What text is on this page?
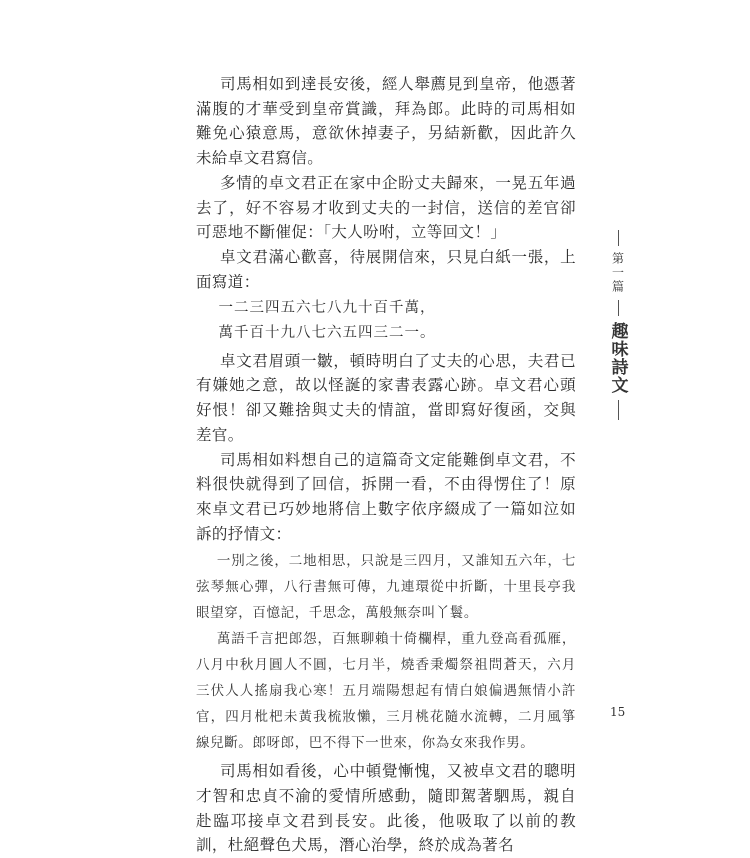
司馬相如到達長安後，經人舉薦見到皇帝，他憑著滿腹的才華受到皇帝賞識，拜為郎。此時的司馬相如難免心猿意馬，意欲休掉妻子，另結新歡，因此許久未給卓文君寫信。

多情的卓文君正在家中企盼丈夫歸來，一晃五年過去了，好不容易才收到丈夫的一封信，送信的差官卻可惡地不斷催促：「大人吩咐，立等回文！」

卓文君滿心歡喜，待展開信來，只見白紙一張，上面寫道：

一二三四五六七八九十百千萬，

萬千百十九八七六五四三二一。

卓文君眉頭一皺，頓時明白了丈夫的心思，夫君已有嫌她之意，故以怪誕的家書表露心跡。卓文君心頭好恨！卻又難捨與丈夫的情誼，當即寫好復函，交與差官。

司馬相如料想自己的這篇奇文定能難倒卓文君，不料很快就得到了回信，拆開一看，不由得愣住了！原來卓文君已巧妙地將信上數字依序綴成了一篇如泣如訴的抒情文：

一別之後，二地相思，只說是三四月，又誰知五六年，七弦琴無心彈，八行書無可傳，九連環從中折斷，十里長亭我眼望穿，百憶記，千思念，萬般無奈叫丫鬟。

萬語千言把郎怨，百無聊賴十倚欄桿，重九登高看孤雁，八月中秋月圓人不圓，七月半，燒香秉燭祭祖問蒼天，六月三伏人人搖扇我心寒！五月端陽想起有情白娘偏遇無情小許官，四月枇杷未黃我梳妝懶，三月桃花隨水流轉，二月風箏線兒斷。郎呀郎，巴不得下一世來，你為女來我作男。

司馬相如看後，心中頓覺慚愧，又被卓文君的聰明才智和忠貞不渝的愛情所感動，隨即駕著駟馬，親自赴臨邛接卓文君到長安。此後，他吸取了以前的教訓，杜絕聲色犬馬，潛心治學，終於成為著名

第一篇
趣味詩文
15
